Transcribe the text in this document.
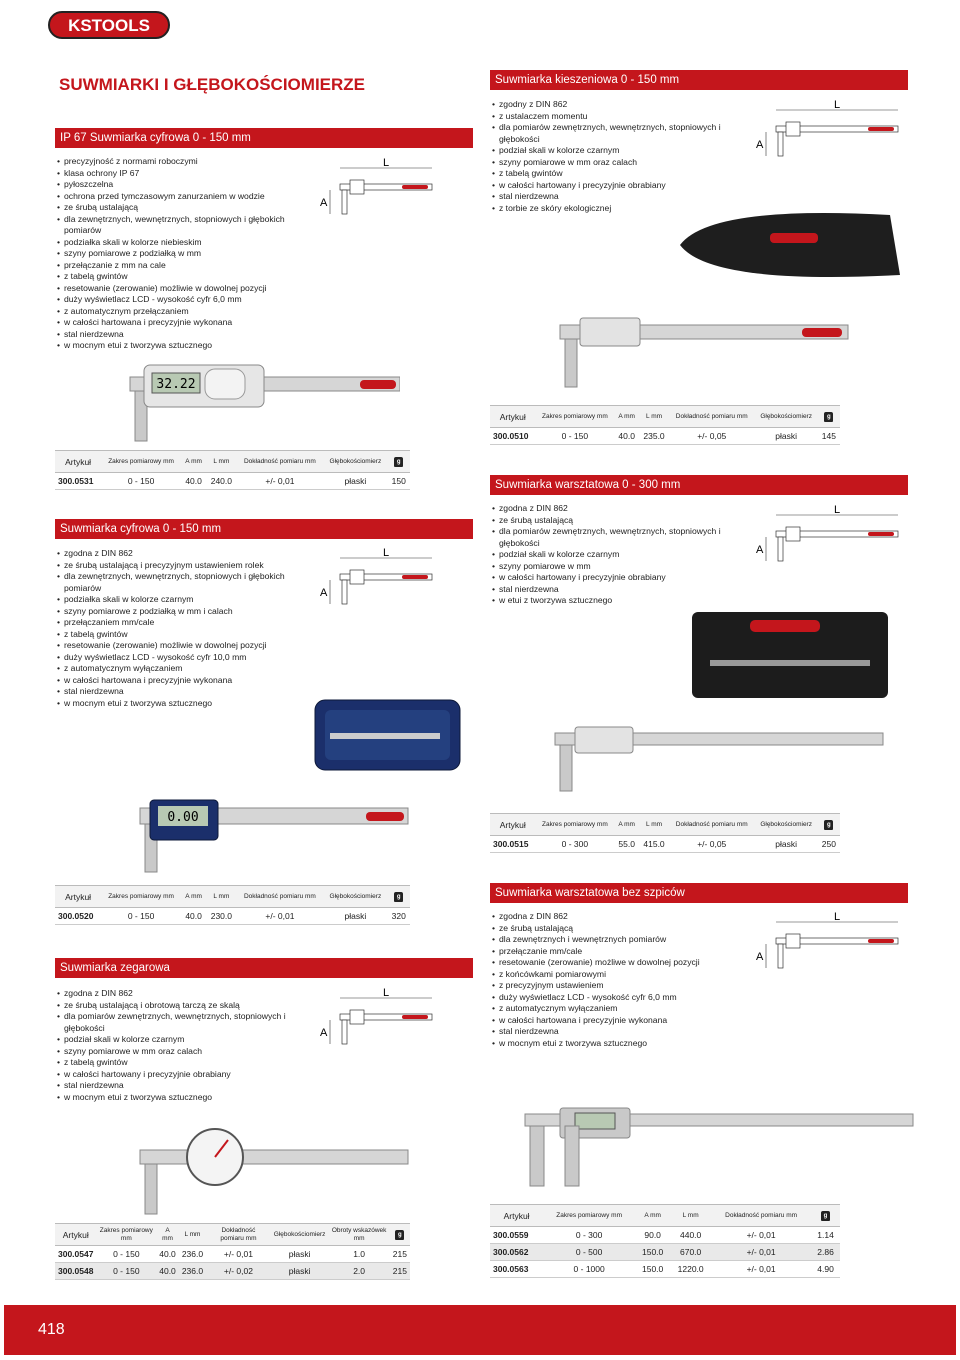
KSTOOLS
SUWMIARKI I GŁĘBOKOŚCIOMIERZE
IP 67 Suwmiarka cyfrowa 0 - 150 mm
• precyzyjność z normami roboczymi
• klasa ochrony IP 67
• pyłoszczelna
• ochrona przed tymczasowym zanurzaniem w wodzie
• ze śrubą ustalającą
• dla zewnętrznych, wewnętrznych, stopniowych i głębokich pomiarów
• podziałka skali w kolorze niebieskim
• szyny pomiarowe z podziałką w mm
• przełączanie z mm na cale
• z tabelą gwintów
• resetowanie (zerowanie) możliwie w dowolnej pozycji
• duży wyświetlacz LCD - wysokość cyfr 6,0 mm
• z automatycznym przełączaniem
• w całości hartowana i precyzyjnie wykonana
• stal nierdzewna
• w mocnym etui z tworzywa sztucznego
L
A
32.22
Artykuł	Zakres pomiarowy mm	A mm	L mm	Dokładność pomiaru mm	Głębokościomierz	g
300.0531	0 - 150	40.0	240.0	+/- 0,01	płaski	150
Suwmiarka cyfrowa 0 - 150 mm
• zgodna z DIN 862
• ze śrubą ustalającą i precyzyjnym ustawieniem rolek
• dla zewnętrznych, wewnętrznych, stopniowych i głębokich pomiarów
• podziałka skali w kolorze czarnym
• szyny pomiarowe z podziałką w mm i calach
• przełączaniem mm/cale
• z tabelą gwintów
• resetowanie (zerowanie) możliwie w dowolnej pozycji
• duży wyświetlacz LCD - wysokość cyfr 10,0 mm
• z automatycznym wyłączaniem
• w całości hartowana i precyzyjnie wykonana
• stal nierdzewna
• w mocnym etui z tworzywa sztucznego
L
A
0.00
Artykuł	Zakres pomiarowy mm	A mm	L mm	Dokładność pomiaru mm	Głębokościomierz	g
300.0520	0 - 150	40.0	230.0	+/- 0,01	płaski	320
Suwmiarka zegarowa
• zgodna z DIN 862
• ze śrubą ustalającą i obrotową tarczą ze skalą
• dla pomiarów zewnętrznych, wewnętrznych, stopniowych i głębokości
• podział skali w kolorze czarnym
• szyny pomiarowe w mm oraz calach
• z tabelą gwintów
• w całości hartowany i precyzyjnie obrabiany
• stal nierdzewna
• w mocnym etui z tworzywa sztucznego
L
A
Artykuł	Zakres pomiarowy mm	A mm	L mm	Dokładność pomiaru mm	Głębokościomierz	Obroty wskazówek mm	g
300.0547	0 - 150	40.0	236.0	+/- 0,01	płaski	1.0	215
300.0548	0 - 150	40.0	236.0	+/- 0,02	płaski	2.0	215
Suwmiarka kieszeniowa 0 - 150 mm
• zgodny z DIN 862
• z ustalaczem momentu
• dla pomiarów zewnętrznych, wewnętrznych, stopniowych i głębokości
• podział skali w kolorze czarnym
• szyny pomiarowe w mm oraz calach
• z tabelą gwintów
• w całości hartowany i precyzyjnie obrabiany
• stal nierdzewna
• z torbie ze skóry ekologicznej
L
A
Artykuł	Zakres pomiarowy mm	A mm	L mm	Dokładność pomiaru mm	Głębokościomierz	g
300.0510	0 - 150	40.0	235.0	+/- 0,05	płaski	145
Suwmiarka warsztatowa 0 - 300 mm
• zgodna z DIN 862
• ze śrubą ustalającą
• dla pomiarów zewnętrznych, wewnętrznych, stopniowych i głębokości
• podział skali w kolorze czarnym
• szyny pomiarowe w mm
• w całości hartowany i precyzyjnie obrabiany
• stal nierdzewna
• w etui z tworzywa sztucznego
L
A
Artykuł	Zakres pomiarowy mm	A mm	L mm	Dokładność pomiaru mm	Głębokościomierz	g
300.0515	0 - 300	55.0	415.0	+/- 0,05	płaski	250
Suwmiarka warsztatowa bez szpiców
• zgodna z DIN 862
• ze śrubą ustalającą
• dla zewnętrznych i wewnętrznych pomiarów
• przełączanie mm/cale
• resetowanie (zerowanie) możliwe w dowolnej pozycji
• z końcówkami pomiarowymi
• z precyzyjnym ustawieniem
• duży wyświetlacz LCD - wysokość cyfr 6,0 mm
• z automatycznym wyłączaniem
• w całości hartowana i precyzyjnie wykonana
• stal nierdzewna
• w mocnym etui z tworzywa sztucznego
L
A
Artykuł	Zakres pomiarowy mm	A mm	L mm	Dokładność pomiaru mm	g
300.0559	0 - 300	90.0	440.0	+/- 0,01	1.14
300.0562	0 - 500	150.0	670.0	+/- 0,01	2.86
300.0563	0 - 1000	150.0	1220.0	+/- 0,01	4.90
418
